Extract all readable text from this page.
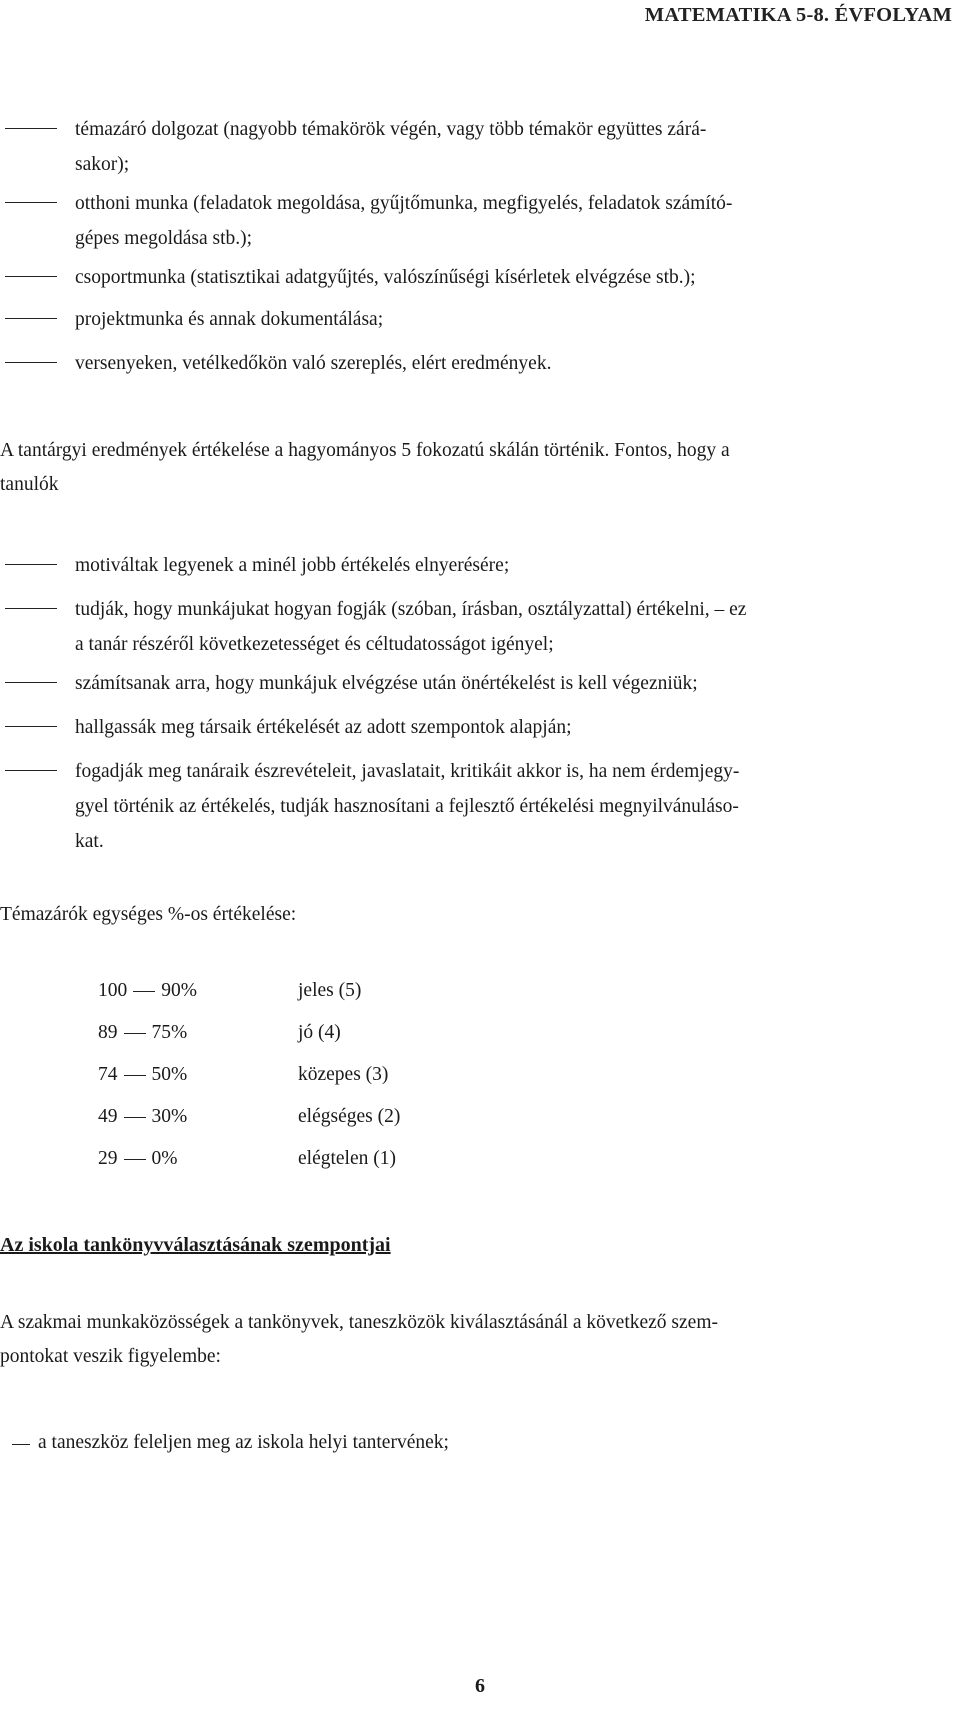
MATEMATIKA 5-8. ÉVFOLYAM
témazáró dolgozat (nagyobb témakörök végén, vagy több témakör együttes zárá-
sakor);
otthoni munka (feladatok megoldása, gyűjtőmunka, megfigyelés, feladatok számító-
gépes megoldása stb.);
csoportmunka (statisztikai adatgyűjtés, valószínűségi kísérletek elvégzése stb.);
projektmunka és annak dokumentálása;
versenyeken, vetélkedőkön való szereplés, elért eredmények.
A tantárgyi eredmények értékelése a hagyományos 5 fokozatú skálán történik. Fontos, hogy a
tanulók
motiváltak legyenek a minél jobb értékelés elnyerésére;
tudják, hogy munkájukat hogyan fogják (szóban, írásban, osztályzattal) értékelni, – ez
a tanár részéről következetességet és céltudatosságot igényel;
számítsanak arra, hogy munkájuk elvégzése után önértékelést is kell végezniük;
hallgassák meg társaik értékelését az adott szempontok alapján;
fogadják meg tanáraik észrevételeit, javaslatait, kritikáit akkor is, ha nem érdemjegy-
gyel történik az értékelés, tudják hasznosítani a fejlesztő értékelési megnyilvánuláso-
kat.

Témazárók egységes %-os értékelése:

100 90%	jeles (5)
89 75%	jó (4)
74 50%	közepes (3)
49 30%	elégséges (2)
29 0%	elégtelen (1)
Az iskola tankönyvválasztásának szempontjai
A szakmai munkaközösségek a tankönyvek, taneszközök kiválasztásánál a következő szem-
pontokat veszik figyelembe:
a taneszköz feleljen meg az iskola helyi tantervének;

6
